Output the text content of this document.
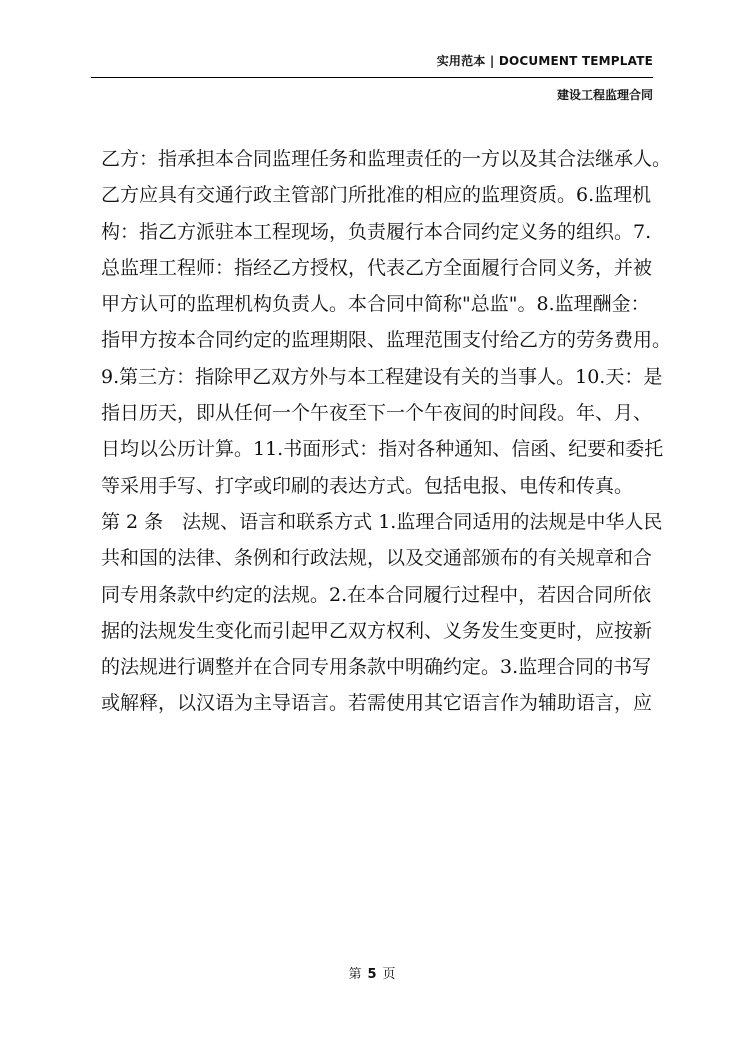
实用范本 | DOCUMENT TEMPLATE
建设工程监理合同
乙方：指承担本合同监理任务和监理责任的一方以及其合法继承人。
乙方应具有交通行政主管部门所批准的相应的监理资质。6.监理机
构：指乙方派驻本工程现场，负责履行本合同约定义务的组织。7.
总监理工程师：指经乙方授权，代表乙方全面履行合同义务，并被
甲方认可的监理机构负责人。本合同中简称"总监"。8.监理酬金：
指甲方按本合同约定的监理期限、监理范围支付给乙方的劳务费用。
9.第三方：指除甲乙双方外与本工程建设有关的当事人。10.天：是
指日历天，即从任何一个午夜至下一个午夜间的时间段。年、月、
日均以公历计算。11.书面形式：指对各种通知、信函、纪要和委托
等采用手写、打字或印刷的表达方式。包括电报、电传和传真。
第 2 条　法规、语言和联系方式 1.监理合同适用的法规是中华人民
共和国的法律、条例和行政法规，以及交通部颁布的有关规章和合
同专用条款中约定的法规。2.在本合同履行过程中，若因合同所依
据的法规发生变化而引起甲乙双方权利、义务发生变更时，应按新
的法规进行调整并在合同专用条款中明确约定。3.监理合同的书写
或解释，以汉语为主导语言。若需使用其它语言作为辅助语言，应
第 5 页
